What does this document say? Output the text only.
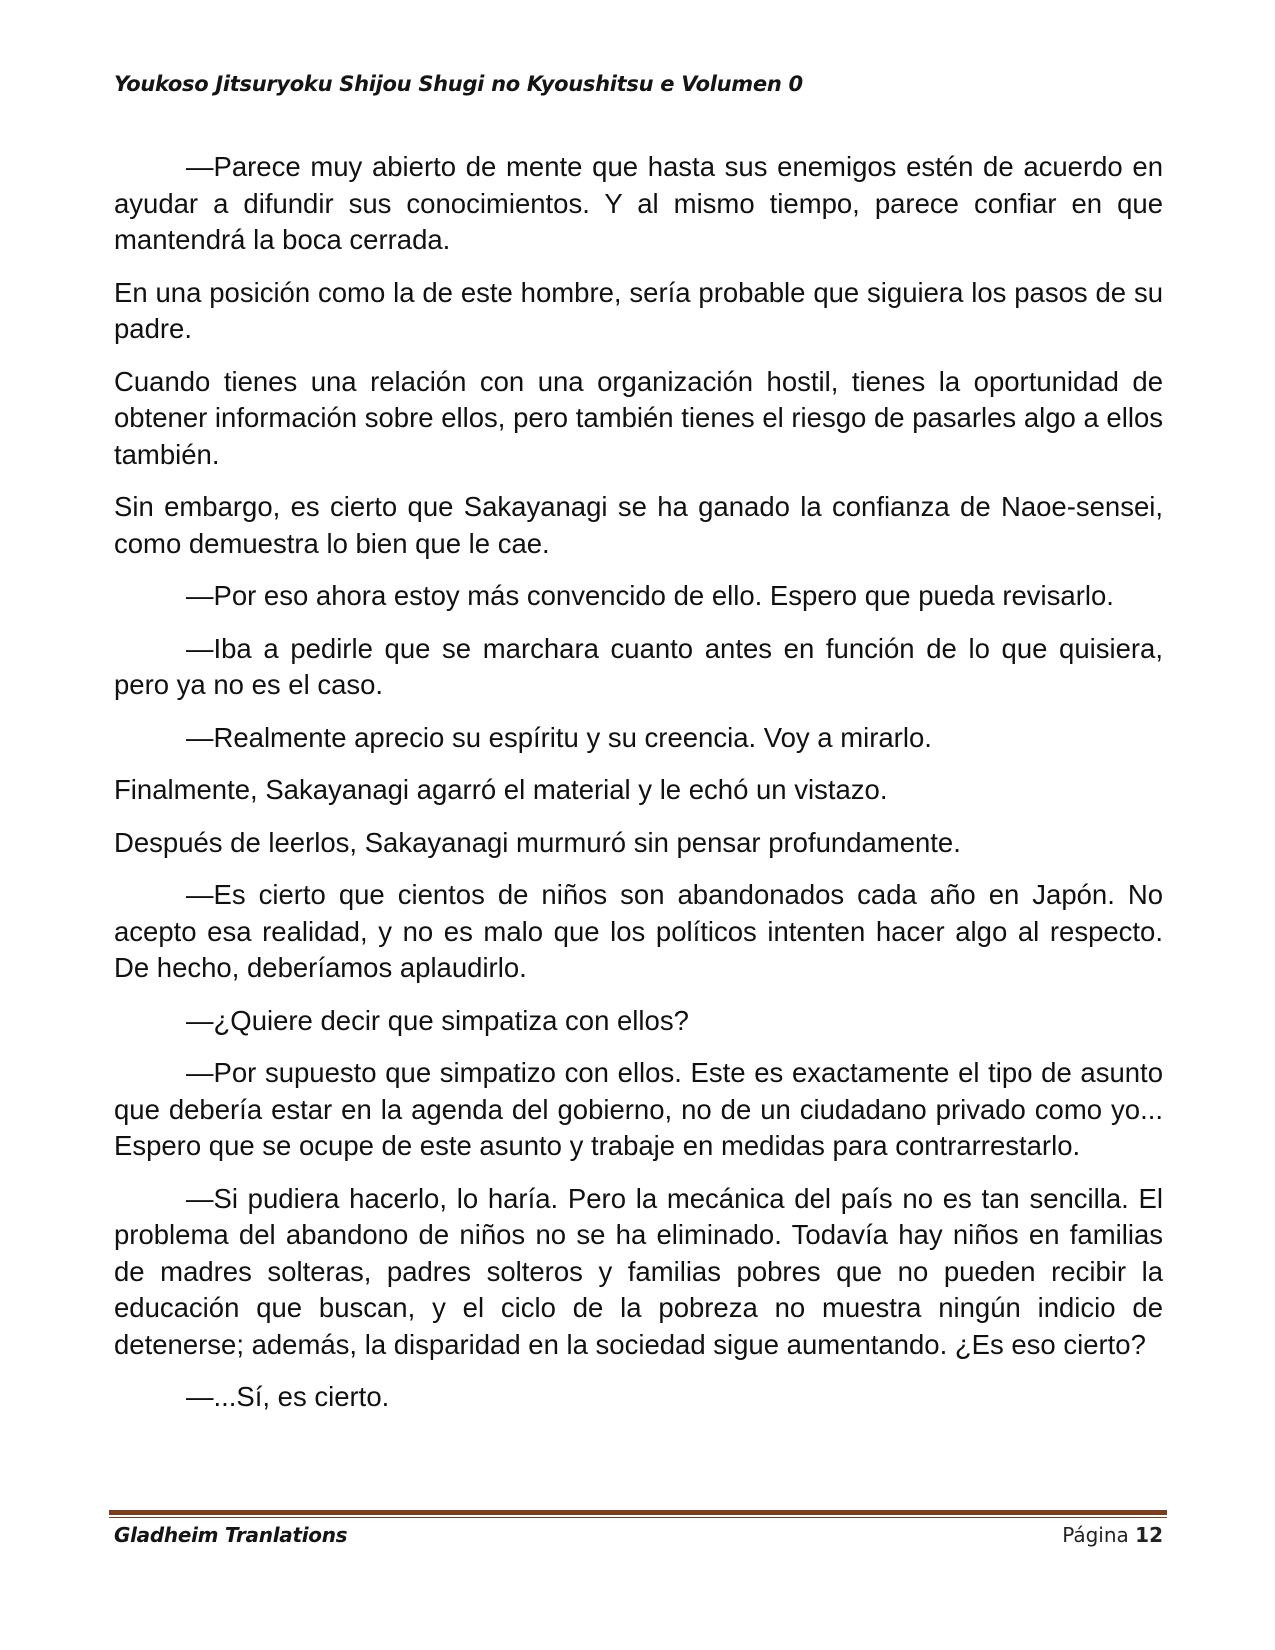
Youkoso Jitsuryoku Shijou Shugi no Kyoushitsu e Volumen 0

—Parece muy abierto de mente que hasta sus enemigos estén de acuerdo en ayudar a difundir sus conocimientos. Y al mismo tiempo, parece confiar en que mantendrá la boca cerrada.

En una posición como la de este hombre, sería probable que siguiera los pasos de su padre.

Cuando tienes una relación con una organización hostil, tienes la oportunidad de obtener información sobre ellos, pero también tienes el riesgo de pasarles algo a ellos también.

Sin embargo, es cierto que Sakayanagi se ha ganado la confianza de Naoe-sensei, como demuestra lo bien que le cae.

—Por eso ahora estoy más convencido de ello. Espero que pueda revisarlo.

—Iba a pedirle que se marchara cuanto antes en función de lo que quisiera, pero ya no es el caso.

—Realmente aprecio su espíritu y su creencia. Voy a mirarlo.

Finalmente, Sakayanagi agarró el material y le echó un vistazo.

Después de leerlos, Sakayanagi murmuró sin pensar profundamente.

—Es cierto que cientos de niños son abandonados cada año en Japón. No acepto esa realidad, y no es malo que los políticos intenten hacer algo al respecto. De hecho, deberíamos aplaudirlo.

—¿Quiere decir que simpatiza con ellos?

—Por supuesto que simpatizo con ellos. Este es exactamente el tipo de asunto que debería estar en la agenda del gobierno, no de un ciudadano privado como yo... Espero que se ocupe de este asunto y trabaje en medidas para contrarrestarlo.

—Si pudiera hacerlo, lo haría. Pero la mecánica del país no es tan sencilla. El problema del abandono de niños no se ha eliminado. Todavía hay niños en familias de madres solteras, padres solteros y familias pobres que no pueden recibir la educación que buscan, y el ciclo de la pobreza no muestra ningún indicio de detenerse; además, la disparidad en la sociedad sigue aumentando. ¿Es eso cierto?

—...Sí, es cierto.

Gladheim Tranlations	Página 12
